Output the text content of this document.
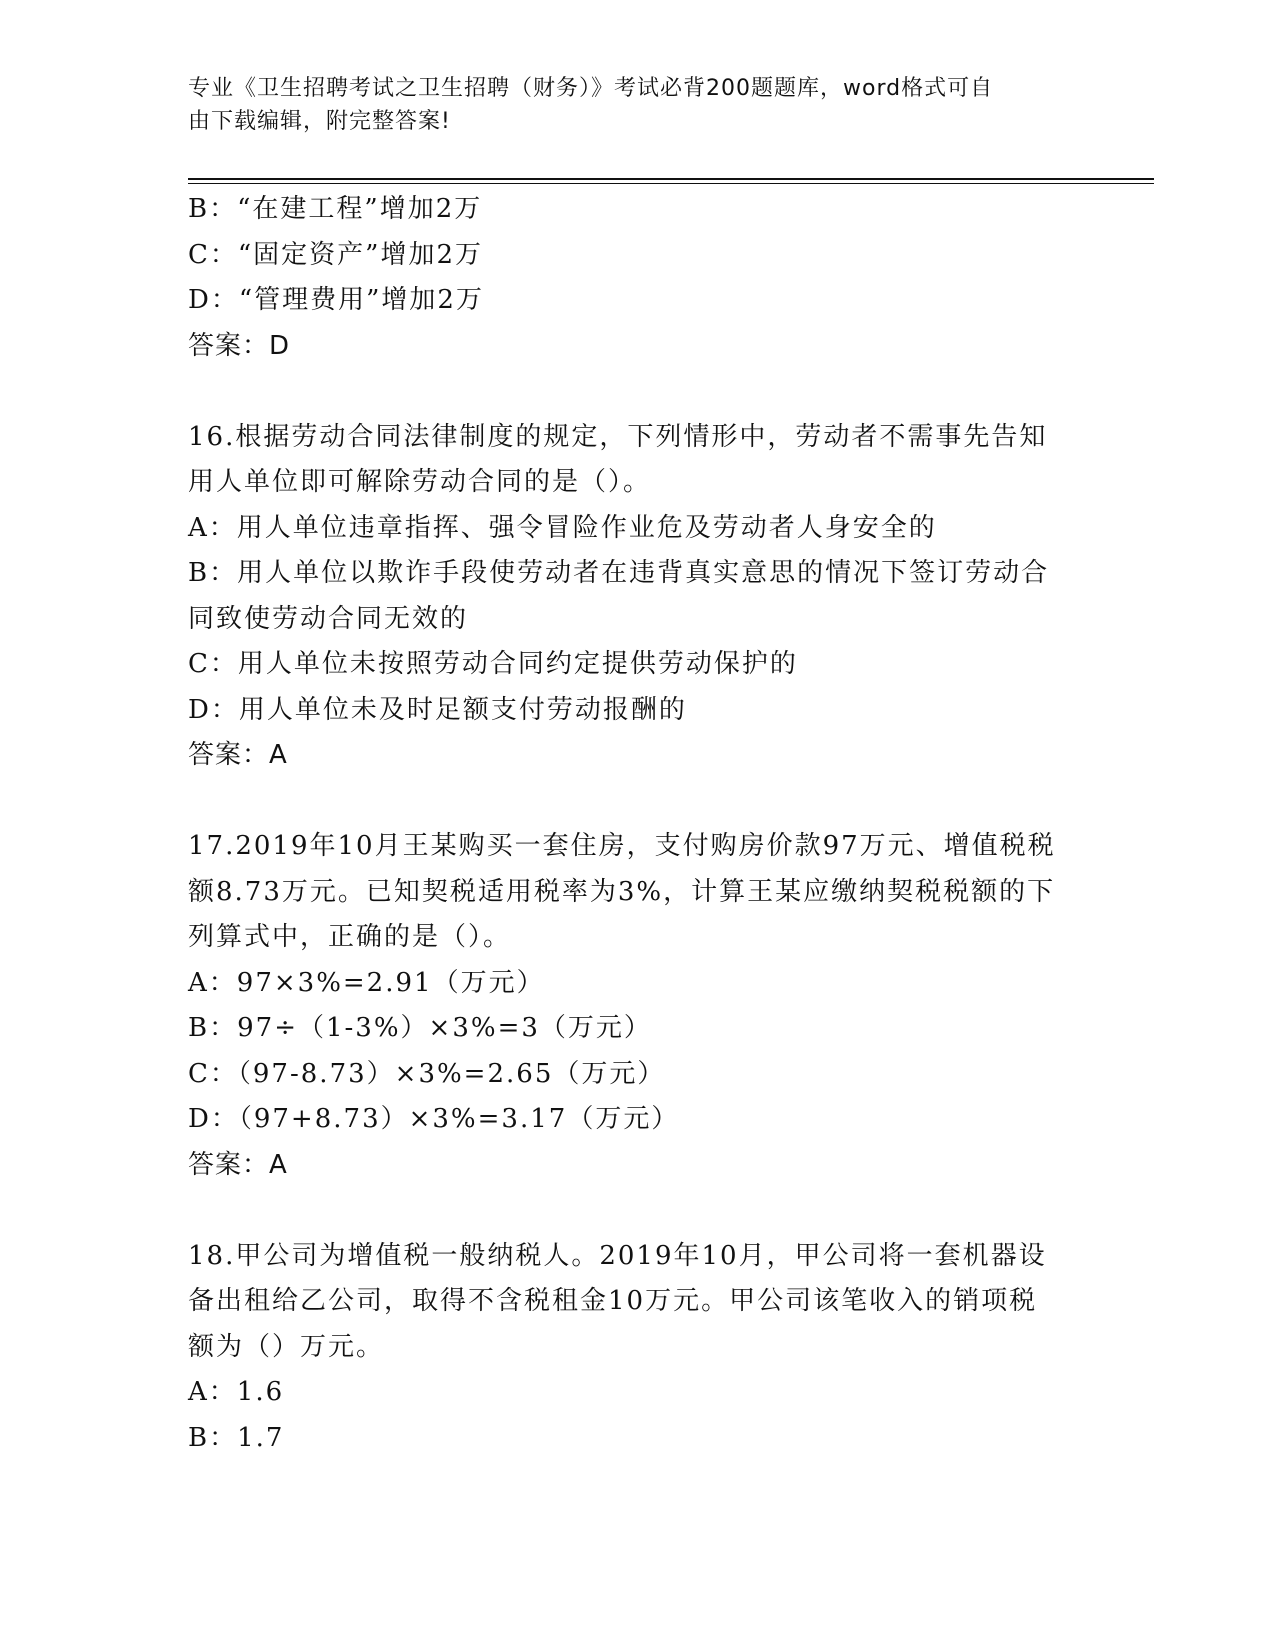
专业《卫生招聘考试之卫生招聘（财务）》考试必背200题题库，word格式可自
由下载编辑，附完整答案!
B：“在建工程”增加2万
C：“固定资产”增加2万
D：“管理费用”增加2万
答案：D
16.根据劳动合同法律制度的规定，下列情形中，劳动者不需事先告知
用人单位即可解除劳动合同的是（）。
A：用人单位违章指挥、强令冒险作业危及劳动者人身安全的
B：用人单位以欺诈手段使劳动者在违背真实意思的情况下签订劳动合
同致使劳动合同无效的
C：用人单位未按照劳动合同约定提供劳动保护的
D：用人单位未及时足额支付劳动报酬的
答案：A
17.2019年10月王某购买一套住房，支付购房价款97万元、增值税税
额8.73万元。已知契税适用税率为3%，计算王某应缴纳契税税额的下
列算式中，正确的是（）。
A：97×3%=2.91（万元）
B：97÷（1-3%）×3%=3（万元）
C：（97-8.73）×3%=2.65（万元）
D：（97+8.73）×3%=3.17（万元）
答案：A
18.甲公司为增值税一般纳税人。2019年10月，甲公司将一套机器设
备出租给乙公司，取得不含税租金10万元。甲公司该笔收入的销项税
额为（）万元。
A：1.6
B：1.7
